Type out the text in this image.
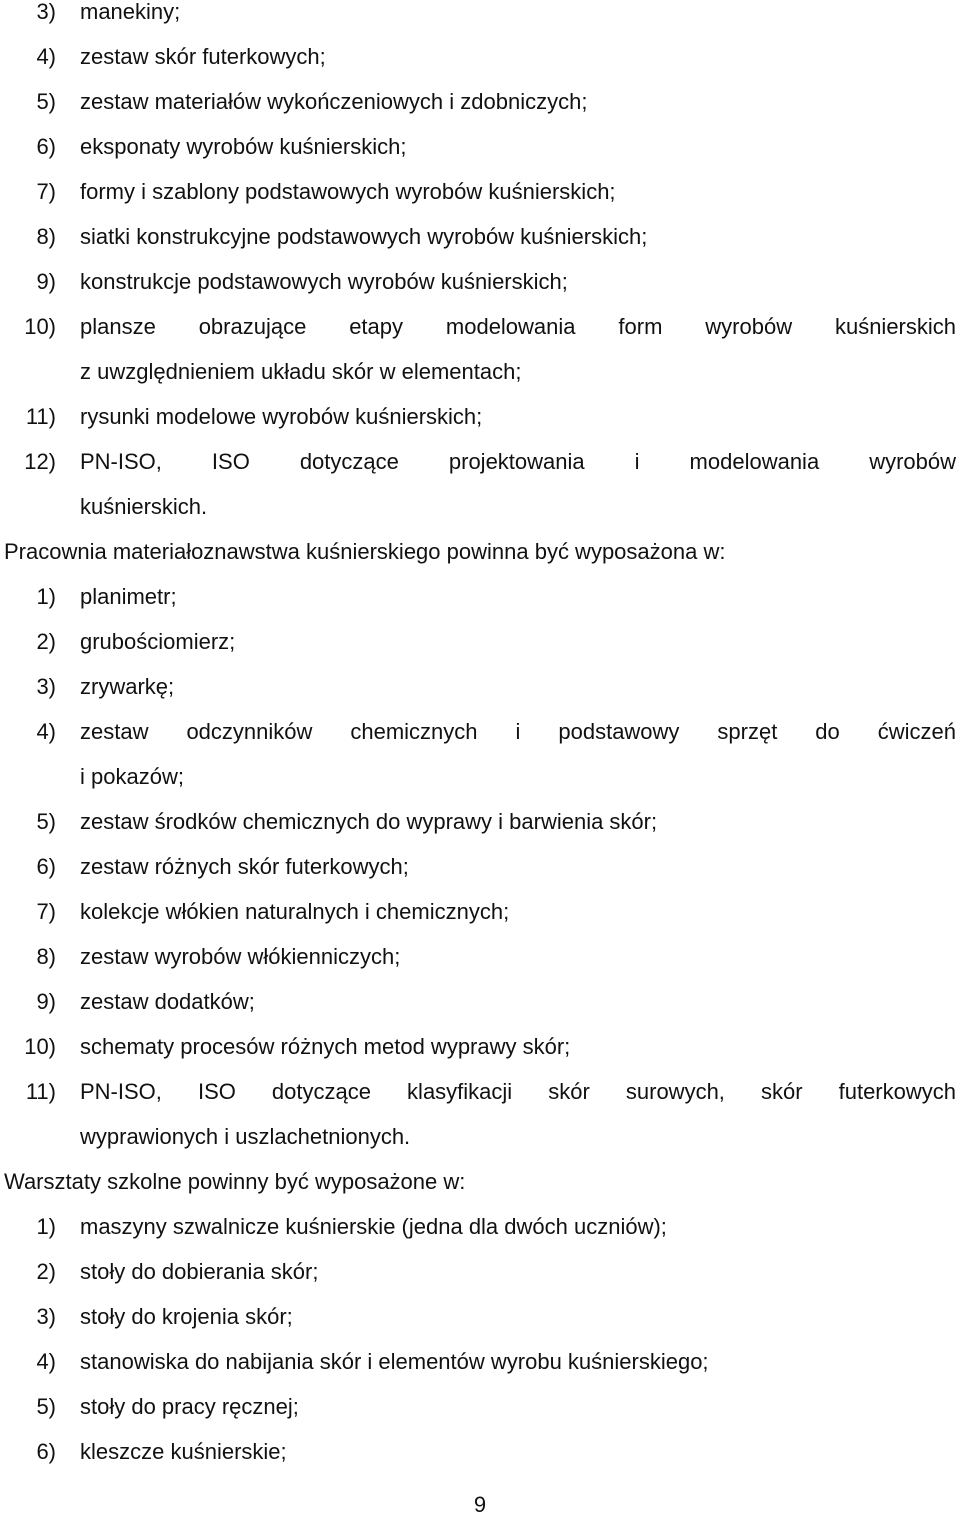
3) manekiny;
4) zestaw skór futerkowych;
5) zestaw materiałów wykończeniowych i zdobniczych;
6) eksponaty wyrobów kuśnierskich;
7) formy i szablony podstawowych wyrobów kuśnierskich;
8) siatki konstrukcyjne podstawowych wyrobów kuśnierskich;
9) konstrukcje podstawowych wyrobów kuśnierskich;
10) plansze obrazujące etapy modelowania form wyrobów kuśnierskich
z uwzględnieniem układu skór w elementach;
11) rysunki modelowe wyrobów kuśnierskich;
12) PN-ISO, ISO dotyczące projektowania i modelowania wyrobów
kuśnierskich.
Pracownia materiałoznawstwa kuśnierskiego powinna być wyposażona w:
1) planimetr;
2) grubościomierz;
3) zrywarkę;
4) zestaw odczynników chemicznych i podstawowy sprzęt do ćwiczeń
i pokazów;
5) zestaw środków chemicznych do wyprawy i barwienia skór;
6) zestaw różnych skór futerkowych;
7) kolekcje włókien naturalnych i chemicznych;
8) zestaw wyrobów włókienniczych;
9) zestaw dodatków;
10) schematy procesów różnych metod wyprawy skór;
11) PN-ISO, ISO dotyczące klasyfikacji skór surowych, skór futerkowych
wyprawionych i uszlachetnionych.
Warsztaty szkolne powinny być wyposażone w:
1) maszyny szwalnicze kuśnierskie (jedna dla dwóch uczniów);
2) stoły do dobierania skór;
3) stoły do krojenia skór;
4) stanowiska do nabijania skór i elementów wyrobu kuśnierskiego;
5) stoły do pracy ręcznej;
6) kleszcze kuśnierskie;
9
